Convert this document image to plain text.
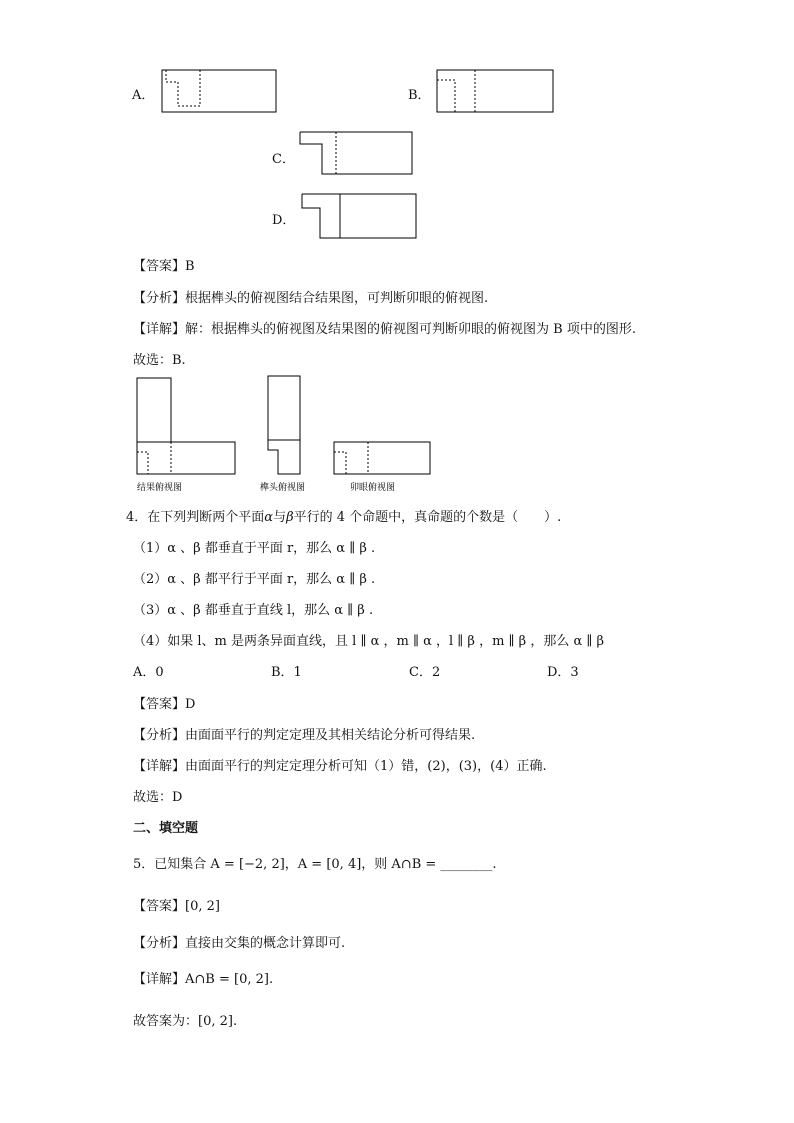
A．	B．
C．
D．
【答案】B
【分析】根据榫头的俯视图结合结果图，可判断卯眼的俯视图.
【详解】解：根据榫头的俯视图及结果图的俯视图可判断卯眼的俯视图为 B 项中的图形.
故选：B.
结果俯视图	榫头俯视图	卯眼俯视图
4．在下列判断两个平面α与β平行的 4 个命题中，真命题的个数是（　　）.
（1）α 、β 都垂直于平面 r，那么 α ∥ β .
（2）α 、β 都平行于平面 r，那么 α ∥ β .
（3）α 、β 都垂直于直线 l，那么 α ∥ β .
（4）如果 l、m 是两条异面直线，且 l ∥ α ，m ∥ α ，l ∥ β ，m ∥ β ，那么 α ∥ β
A．0	B．1	C．2	D．3
【答案】D
【分析】由面面平行的判定定理及其相关结论分析可得结果.
【详解】由面面平行的判定定理分析可知（1）错，(2)，(3)，(4）正确.
故选：D
二、填空题
5．已知集合 A = [−2, 2]，A = [0, 4]，则 A∩B = ________.
【答案】[0, 2]
【分析】直接由交集的概念计算即可.
【详解】A∩B = [0, 2].
故答案为：[0, 2].
